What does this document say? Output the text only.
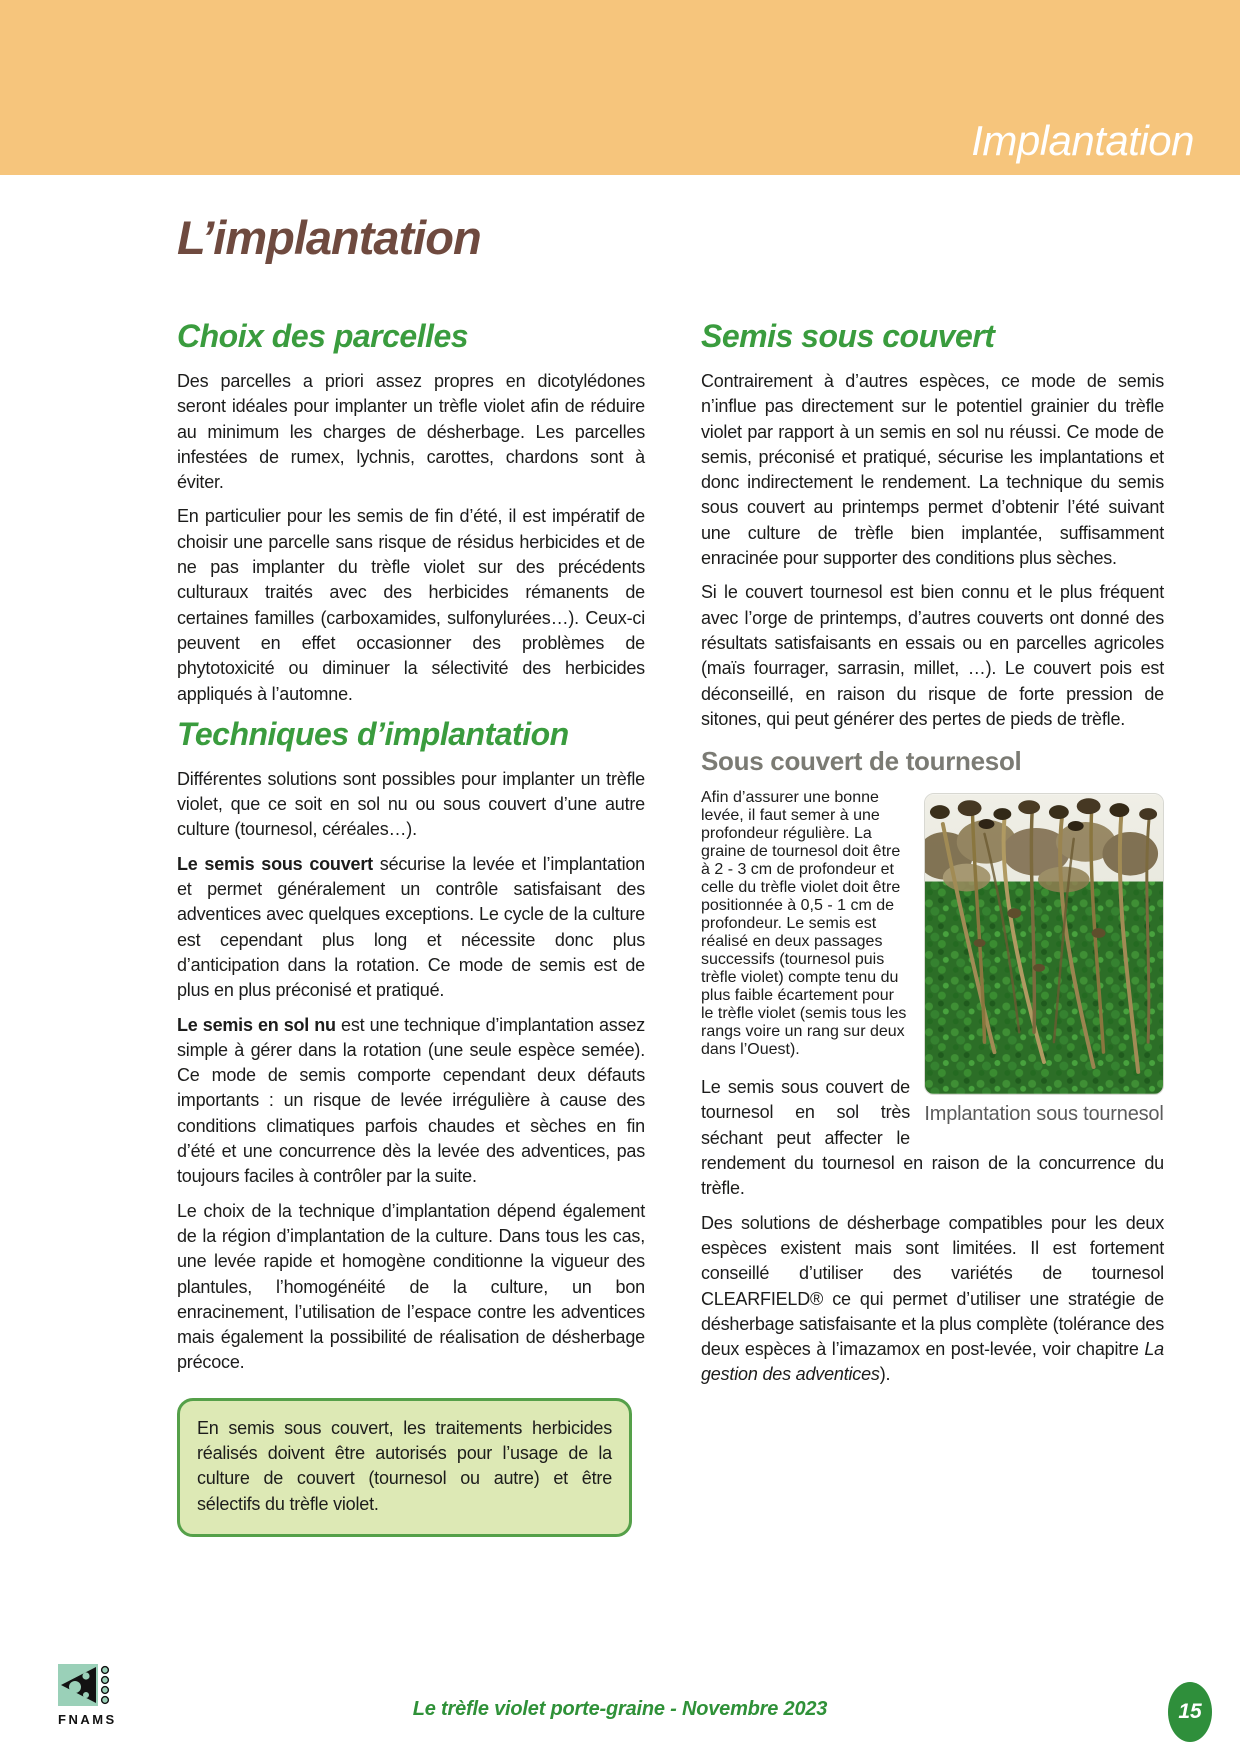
Implantation
L’implantation
Choix des parcelles

Des parcelles a priori assez propres en dicotylédones seront idéales pour implanter un trèfle violet afin de réduire au minimum les charges de désherbage. Les parcelles infestées de rumex, lychnis, carottes, chardons sont à éviter.

En particulier pour les semis de fin d’été, il est impératif de choisir une parcelle sans risque de résidus herbicides et de ne pas implanter du trèfle violet sur des précédents culturaux traités avec des herbicides rémanents de certaines familles (carboxamides, sulfonylurées…). Ceux-ci peuvent en effet occasionner des problèmes de phytotoxicité ou diminuer la sélectivité des herbicides appliqués à l’automne.

Techniques d’implantation

Différentes solutions sont possibles pour implanter un trèfle violet, que ce soit en sol nu ou sous couvert d’une autre culture (tournesol, céréales…).

Le semis sous couvert sécurise la levée et l’implantation et permet généralement un contrôle satisfaisant des adventices avec quelques exceptions. Le cycle de la culture est cependant plus long et nécessite donc plus d’anticipation dans la rotation. Ce mode de semis est de plus en plus préconisé et pratiqué.

Le semis en sol nu est une technique d’implantation assez simple à gérer dans la rotation (une seule espèce semée). Ce mode de semis comporte cependant deux défauts importants : un risque de levée irrégulière à cause des conditions climatiques parfois chaudes et sèches en fin d’été et une concurrence dès la levée des adventices, pas toujours faciles à contrôler par la suite.

Le choix de la technique d’implantation dépend également de la région d’implantation de la culture. Dans tous les cas, une levée rapide et homogène conditionne la vigueur des plantules, l’homogénéité de la culture, un bon enracinement, l’utilisation de l’espace contre les adventices mais également la possibilité de réalisation de désherbage précoce.

En semis sous couvert, les traitements herbicides réalisés doivent être autorisés pour l’usage de la culture de couvert (tournesol ou autre) et être sélectifs du trèfle violet.

Semis sous couvert

Contrairement à d’autres espèces, ce mode de semis n’influe pas directement sur le potentiel grainier du trèfle violet par rapport à un semis en sol nu réussi. Ce mode de semis, préconisé et pratiqué, sécurise les implantations et donc indirectement le rendement. La technique du semis sous couvert au printemps permet d’obtenir l’été suivant une culture de trèfle bien implantée, suffisamment enracinée pour supporter des conditions plus sèches.

Si le couvert tournesol est bien connu et le plus fréquent avec l’orge de printemps, d’autres couverts ont donné des résultats satisfaisants en essais ou en parcelles agricoles (maïs fourrager, sarrasin, millet, …). Le couvert pois est déconseillé, en raison du risque de forte pression de sitones, qui peut générer des pertes de pieds de trèfle.

Sous couvert de tournesol

Implantation sous tournesol
Afin d’assurer une bonne levée, il faut semer à une profondeur régulière. La graine de tournesol doit être à 2 - 3 cm de profondeur et celle du trèfle violet doit être positionnée à 0,5 - 1 cm de profondeur. Le semis est réalisé en deux passages successifs (tournesol puis trèfle violet) compte tenu du plus faible écartement pour le trèfle violet (semis tous les rangs voire un rang sur deux dans l’Ouest).

Le semis sous couvert de tournesol en sol très séchant peut affecter le rendement du tournesol en raison de la concurrence du trèfle.

Des solutions de désherbage compatibles pour les deux espèces existent mais sont limitées. Il est fortement conseillé d’utiliser des variétés de tournesol CLEARFIELD® ce qui permet d’utiliser une stratégie de désherbage satisfaisante et la plus complète (tolérance des deux espèces à l’imazamox en post-levée, voir chapitre La gestion des adventices).

FNAMS	Le trèfle violet porte-graine - Novembre 2023	15
